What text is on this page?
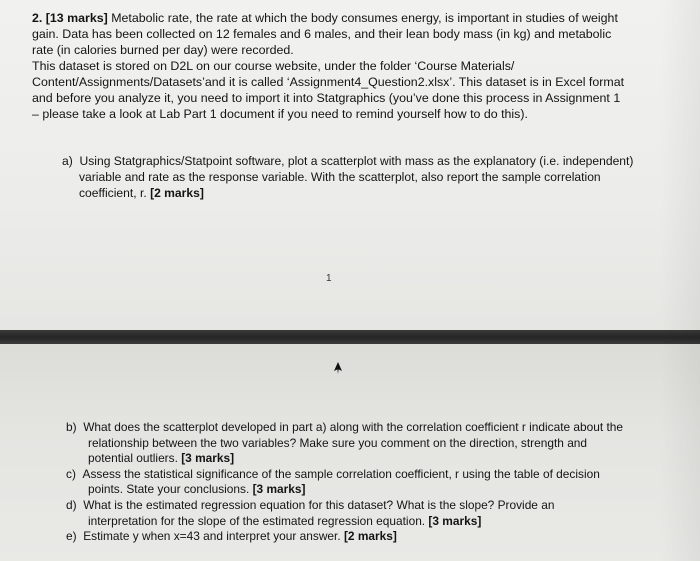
2. [13 marks] Metabolic rate, the rate at which the body consumes energy, is important in studies of weight gain. Data has been collected on 12 females and 6 males, and their lean body mass (in kg) and metabolic rate (in calories burned per day) were recorded.
This dataset is stored on D2L on our course website, under the folder ‘Course Materials/ Content/Assignments/Datasets’and it is called ‘Assignment4_Question2.xlsx’. This dataset is in Excel format and before you analyze it, you need to import it into Statgraphics (you’ve done this process in Assignment 1 – please take a look at Lab Part 1 document if you need to remind yourself how to do this).

a) Using Statgraphics/Statpoint software, plot a scatterplot with mass as the explanatory (i.e. independent) variable and rate as the response variable. With the scatterplot, also report the sample correlation coefficient, r. [2 marks]

1
b) What does the scatterplot developed in part a) along with the correlation coefficient r indicate about the relationship between the two variables? Make sure you comment on the direction, strength and potential outliers. [3 marks]
c) Assess the statistical significance of the sample correlation coefficient, r using the table of decision points. State your conclusions. [3 marks]
d) What is the estimated regression equation for this dataset? What is the slope? Provide an interpretation for the slope of the estimated regression equation. [3 marks]
e) Estimate y when x=43 and interpret your answer. [2 marks]
